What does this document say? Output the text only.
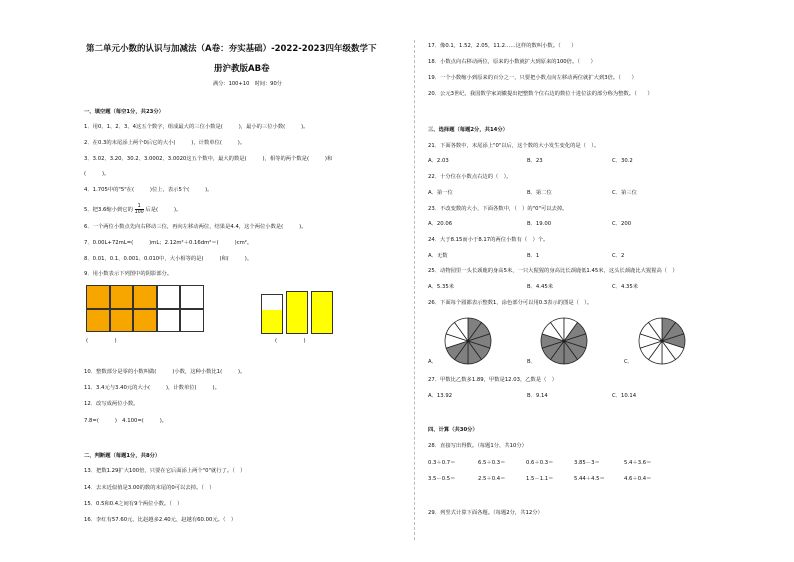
第二单元小数的认识与加减法（A卷：夯实基础）-2022-2023四年级数学下
册沪教版AB卷
满分：100+10　时间：90分
一、填空题（每空1分，共23分）
1．用0、1、2、3、4这五个数字，组成最大的三位小数是(　　　)，最小的三位小数(　　　)。
2．在0.3的末尾添上两个0后它的大小(　　　)，计数单位(　　　)。
3．3.02、3.20、30.2、3.0002、3.0020这五个数中，最大的数是(　　　)，相等的两个数是(　　　)和
(　　　)。
4．1.705中的"5"在(　　　)位上，表示5个(　　　)。
5．把3.6缩小到它的 $\frac{1}{100}$ 后是(　　　)。
6．一个两位小数点先向右移动三位，再向左移动两位，结果是4.4，这个两位小数是(　　　)。
7．0.00L+72mL=(　　　)mL；2.12m²＋0.16dm²＝(　　　)cm²。
8．0.01、0.1、0.001、0.010中，大小相等的是(　　　)和(　　　)。
9．用小数表示下列图中的阴影部分。
(　　　　　)	(　　　　　)
10．整数部分是零的小数叫做(　　　)小数，这种小数比1(　　　)。
11．3.4元与3.40元的大小(　　　)，计数单位(　　　)。
12．改写成两位小数。
7.8=(　　　)　4.100=(　　　)。
二、判断题（每题1分，共8分）
13．把数1.29扩大100倍，只要在它后面添上两个"0"就行了。（　）
14．去末近似值是3.00的数的末尾的0可以去掉。（　）
15．0.5和0.4之间有9个两位小数。（　）
16．李红有57.60元，比赵越多2.40元，赵越有60.00元。（　）
17．像0.1，1.52，2.05，11.2……这样的数叫小数。（　　）
18．小数点向右移动两位，原来的小数就扩大到原来的100倍。（　　）
19．一个小数缩小到原来的百分之一，只要把小数点向左移动两位就扩大到3倍。（　　）
20．公元3世纪，我国数学家刘徽提出把整数个位右边的数位十进位法的部分称为整数。（　　）
三、选择题（每题2分，共14分）
21．下面各数中，末尾添上"0"以后，这个数的大小发生变化的是（　）。
A．2.03	B．23	C．30.2
22．十分位在小数点右边的（　）。
A．第一位	B．第二位	C．第三位
23．不改变数的大小，下面各数中，（　）的"0"可以去掉。
A．20.06	B．19.00	C．200
24．大于8.15而小于8.17的两位小数有（　）个。
A．无数	B．1	C．2
25．动物园里一头长颈鹿的身高5米，一只大猩猩的身高比长颈鹿低1.45米，这头长颈鹿比大猩猩高（　）
A．5.35米	B．4.45米	C．4.35米
26．下面每个圆都表示整数1，涂色部分可以用0.3表示的图是（　）。
A．	B．	C．
27．甲数比乙数多1.89，甲数是12.03，乙数是（　）
A．13.92	B．9.14	C．10.14
四、计算（共30分）
28．直接写出得数。（每题1分，共10分）
0.3＋0.7＝	6.5＋0.3＝	0.6＋0.3＝	3.85－3＝	5.4＋3.6＝
3.5－0.5＝	2.5＋0.4＝	1.5－1.1＝	5.44＋4.5＝	4.6＋0.4＝
29．列竖式计算下面各题。（每题2分，共12分）
